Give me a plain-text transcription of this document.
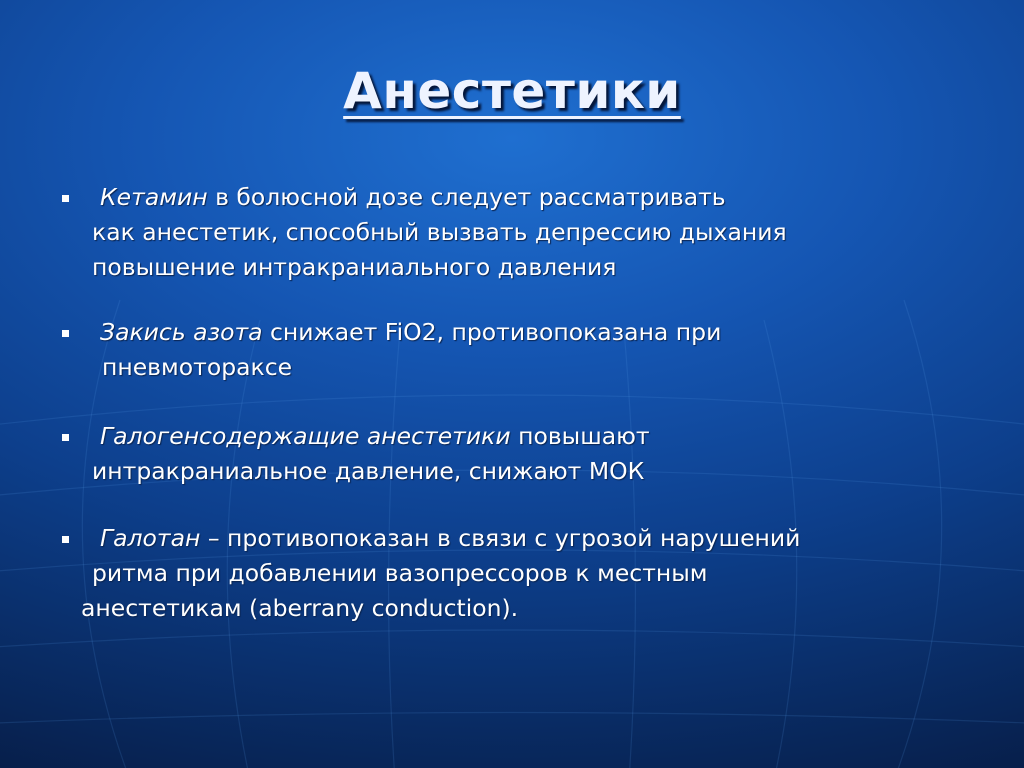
Анестетики
Кетамин в болюсной дозе следует рассматривать
как анестетик, способный вызвать депрессию дыхания
повышение интракраниального давления
Закись азота снижает FiO2, противопоказана при
пневмотораксе
Галогенсодержащие анестетики повышают
интракраниальное давление, снижают МОК
Галотан – противопоказан в связи с угрозой нарушений
ритма при добавлении вазопрессоров к местным
анестетикам (aberrany conduction).
